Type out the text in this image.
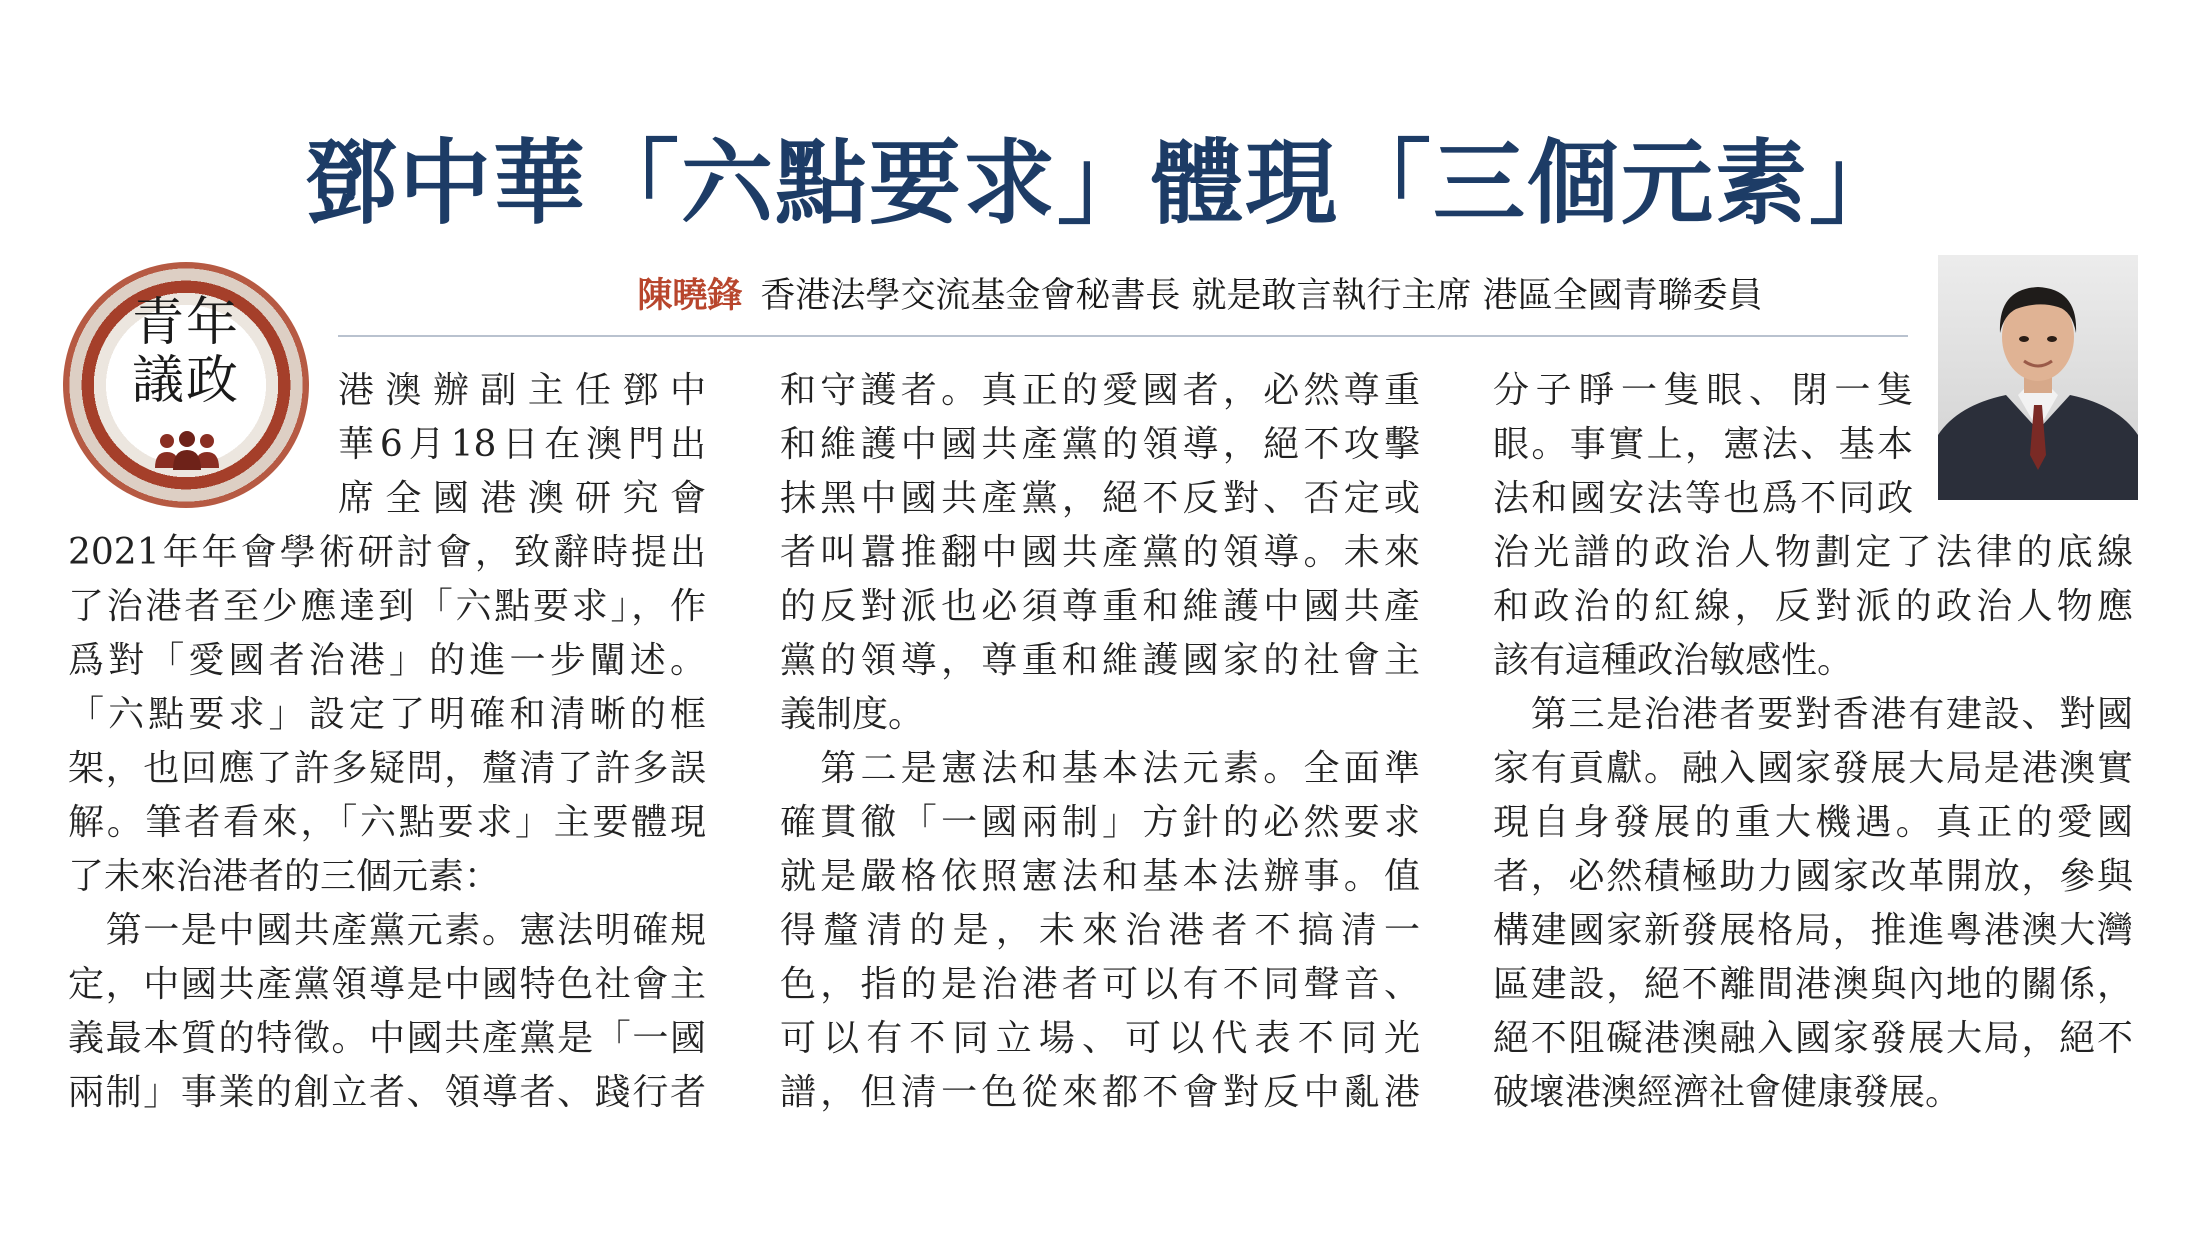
鄧中華「六點要求」體現「三個元素」
陳曉鋒 香港法學交流基金會秘書長 就是敢言執行主席 港區全國青聯委員
青年
議政	港澳辦副主任鄧中
華6月18日在澳門出
席全國港澳研究會
2021年年會學術研討會，致辭時提出
了治港者至少應達到「六點要求」，作
爲對「愛國者治港」的進一步闡述。
「六點要求」設定了明確和清晰的框
架，也回應了許多疑問，釐清了許多誤
解。筆者看來，「六點要求」主要體現
了未來治港者的三個元素：
　第一是中國共產黨元素。憲法明確規
定，中國共產黨領導是中國特色社會主
義最本質的特徵。中國共產黨是「一國
兩制」事業的創立者、領導者、踐行者
和守護者。真正的愛國者，必然尊重
和維護中國共產黨的領導，絕不攻擊
抹黑中國共產黨，絕不反對、否定或
者叫囂推翻中國共產黨的領導。未來
的反對派也必須尊重和維護中國共產
黨的領導，尊重和維護國家的社會主
義制度。
　第二是憲法和基本法元素。全面準
確貫徹「一國兩制」方針的必然要求
就是嚴格依照憲法和基本法辦事。值
得釐清的是，未來治港者不搞清一
色，指的是治港者可以有不同聲音、
可以有不同立場、可以代表不同光
譜，但清一色從來都不會對反中亂港
分子睜一隻眼、閉一隻
眼。事實上，憲法、基本
法和國安法等也爲不同政
治光譜的政治人物劃定了法律的底線
和政治的紅線，反對派的政治人物應
該有這種政治敏感性。
　第三是治港者要對香港有建設、對國
家有貢獻。融入國家發展大局是港澳實
現自身發展的重大機遇。真正的愛國
者，必然積極助力國家改革開放，參與
構建國家新發展格局，推進粵港澳大灣
區建設，絕不離間港澳與內地的關係，
絕不阻礙港澳融入國家發展大局，絕不
破壞港澳經濟社會健康發展。
